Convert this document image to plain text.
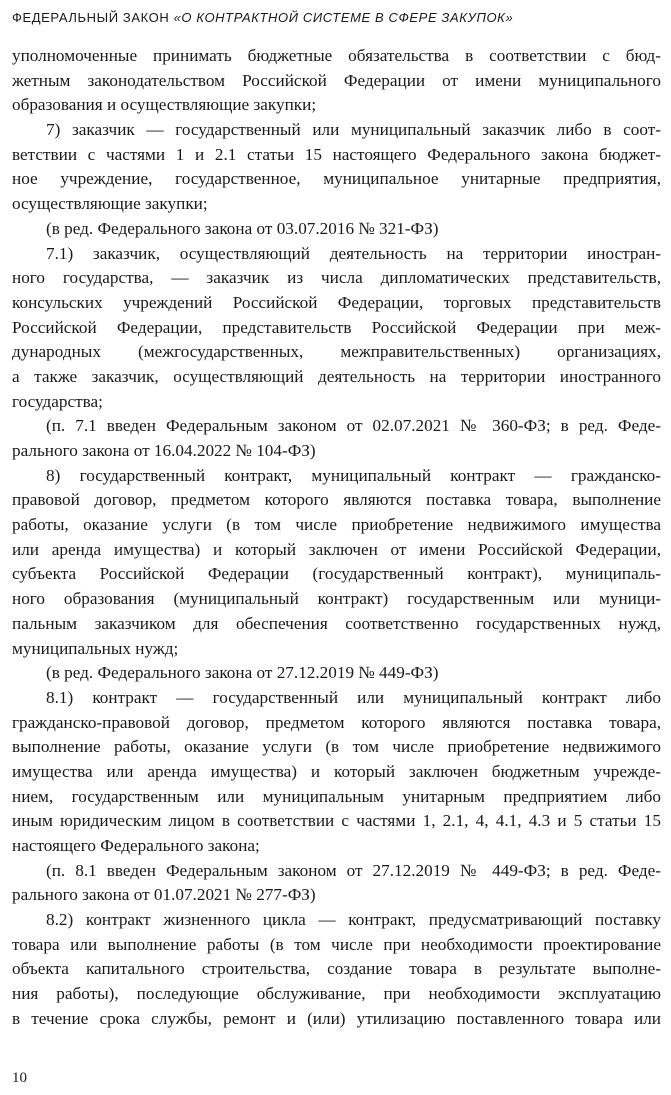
ФЕДЕРАЛЬНЫЙ ЗАКОН «О КОНТРАКТНОЙ СИСТЕМЕ В СФЕРЕ ЗАКУПОК»
уполномоченные принимать бюджетные обязательства в соответствии с бюд-
жетным законодательством Российской Федерации от имени муниципального
образования и осуществляющие закупки;
7) заказчик — государственный или муниципальный заказчик либо в соот-
ветствии с частями 1 и 2.1 статьи 15 настоящего Федерального закона бюджет-
ное учреждение, государственное, муниципальное унитарные предприятия,
осуществляющие закупки;
(в ред. Федерального закона от 03.07.2016 № 321-ФЗ)
7.1) заказчик, осуществляющий деятельность на территории иностран-
ного государства, — заказчик из числа дипломатических представительств,
консульских учреждений Российской Федерации, торговых представительств
Российской Федерации, представительств Российской Федерации при меж-
дународных (межгосударственных, межправительственных) организациях,
а также заказчик, осуществляющий деятельность на территории иностранного
государства;
(п. 7.1 введен Федеральным законом от 02.07.2021 № 360-ФЗ; в ред. Феде-
рального закона от 16.04.2022 № 104-ФЗ)
8) государственный контракт, муниципальный контракт — гражданско-
правовой договор, предметом которого являются поставка товара, выполнение
работы, оказание услуги (в том числе приобретение недвижимого имущества
или аренда имущества) и который заключен от имени Российской Федерации,
субъекта Российской Федерации (государственный контракт), муниципаль-
ного образования (муниципальный контракт) государственным или муници-
пальным заказчиком для обеспечения соответственно государственных нужд,
муниципальных нужд;
(в ред. Федерального закона от 27.12.2019 № 449-ФЗ)
8.1) контракт — государственный или муниципальный контракт либо
гражданско-правовой договор, предметом которого являются поставка товара,
выполнение работы, оказание услуги (в том числе приобретение недвижимого
имущества или аренда имущества) и который заключен бюджетным учрежде-
нием, государственным или муниципальным унитарным предприятием либо
иным юридическим лицом в соответствии с частями 1, 2.1, 4, 4.1, 4.3 и 5 статьи 15
настоящего Федерального закона;
(п. 8.1 введен Федеральным законом от 27.12.2019 № 449-ФЗ; в ред. Феде-
рального закона от 01.07.2021 № 277-ФЗ)
8.2) контракт жизненного цикла — контракт, предусматривающий поставку
товара или выполнение работы (в том числе при необходимости проектирование
объекта капитального строительства, создание товара в результате выполне-
ния работы), последующие обслуживание, при необходимости эксплуатацию
в течение срока службы, ремонт и (или) утилизацию поставленного товара или
10
